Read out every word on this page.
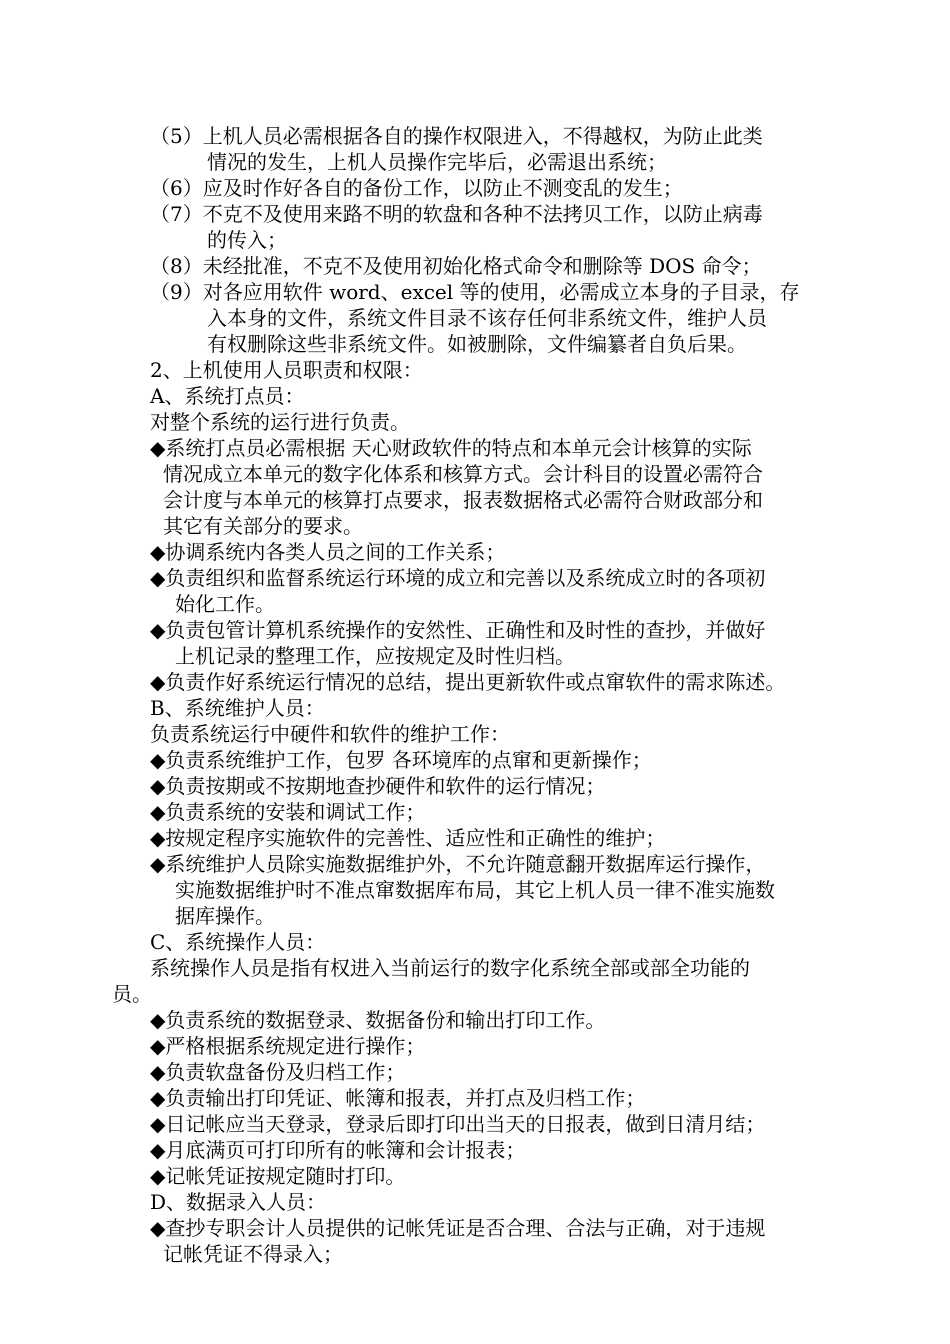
（5）上机人员必需根据各自的操作权限进入，不得越权，为防止此类
情况的发生，上机人员操作完毕后，必需退出系统；
（6）应及时作好各自的备份工作，以防止不测变乱的发生；
（7）不克不及使用来路不明的软盘和各种不法拷贝工作，以防止病毒
的传入；
（8）未经批准，不克不及使用初始化格式命令和删除等 DOS 命令；
（9）对各应用软件 word、excel 等的使用，必需成立本身的子目录，存
入本身的文件，系统文件目录不该存任何非系统文件，维护人员
有权删除这些非系统文件。如被删除，文件编纂者自负后果。
2、上机使用人员职责和权限：
A、系统打点员：
对整个系统的运行进行负责。
◆系统打点员必需根据 天心财政软件的特点和本单元会计核算的实际
情况成立本单元的数字化体系和核算方式。会计科目的设置必需符合
会计度与本单元的核算打点要求，报表数据格式必需符合财政部分和
其它有关部分的要求。
◆协调系统内各类人员之间的工作关系；
◆负责组织和监督系统运行环境的成立和完善以及系统成立时的各项初
始化工作。
◆负责包管计算机系统操作的安然性、正确性和及时性的查抄，并做好
上机记录的整理工作，应按规定及时性归档。
◆负责作好系统运行情况的总结，提出更新软件或点窜软件的需求陈述。
B、系统维护人员：
负责系统运行中硬件和软件的维护工作：
◆负责系统维护工作，包罗 各环境库的点窜和更新操作；
◆负责按期或不按期地查抄硬件和软件的运行情况；
◆负责系统的安装和调试工作；
◆按规定程序实施软件的完善性、适应性和正确性的维护；
◆系统维护人员除实施数据维护外，不允许随意翻开数据库运行操作，
实施数据维护时不准点窜数据库布局，其它上机人员一律不准实施数
据库操作。
C、系统操作人员：
系统操作人员是指有权进入当前运行的数字化系统全部或部全功能的
员。
◆负责系统的数据登录、数据备份和输出打印工作。
◆严格根据系统规定进行操作；
◆负责软盘备份及归档工作；
◆负责输出打印凭证、帐簿和报表，并打点及归档工作；
◆日记帐应当天登录，登录后即打印出当天的日报表，做到日清月结；
◆月底满页可打印所有的帐簿和会计报表；
◆记帐凭证按规定随时打印。
D、数据录入人员：
◆查抄专职会计人员提供的记帐凭证是否合理、合法与正确，对于违规
记帐凭证不得录入；
